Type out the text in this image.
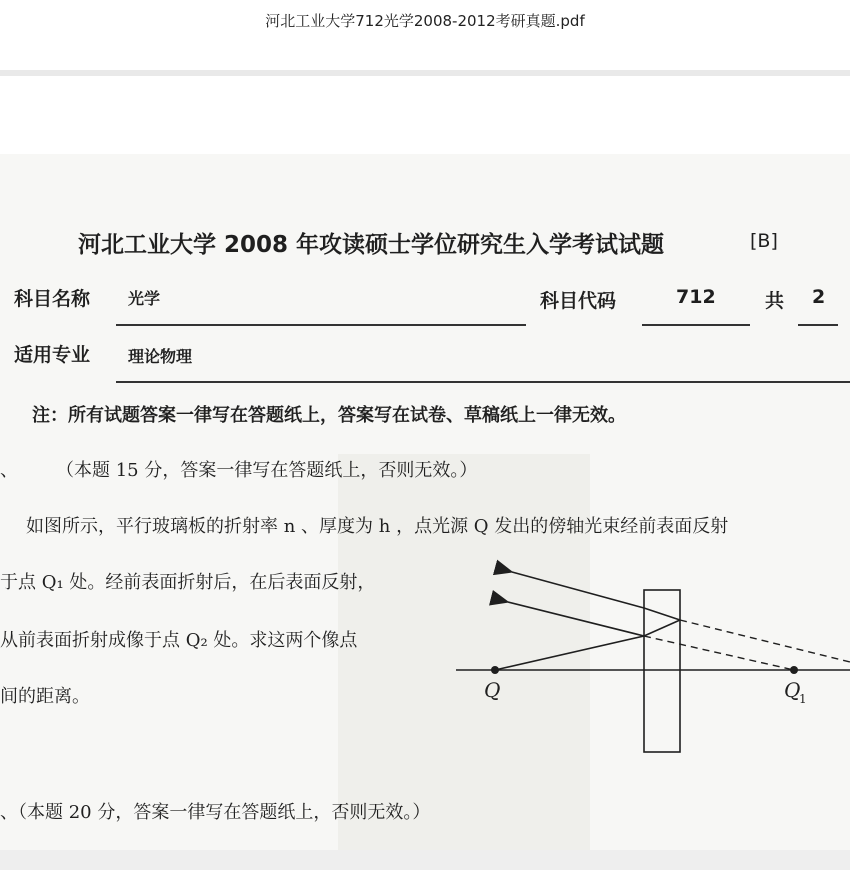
河北工业大学712光学2008-2012考研真题.pdf
河北工业大学 2008 年攻读硕士学位研究生入学考试试题	[B]
科目名称 光学	科目代码	712	共 2
适用专业 理论物理
注：所有试题答案一律写在答题纸上，答案写在试卷、草稿纸上一律无效。
、 （本题 15 分，答案一律写在答题纸上，否则无效。）
如图所示，平行玻璃板的折射率 n 、厚度为 h ，点光源 Q 发出的傍轴光束经前表面反射
于点 Q₁ 处。经前表面折射后，在后表面反射，
从前表面折射成像于点 Q₂ 处。求这两个像点
间的距离。	Q	Q
1
、（本题 20 分，答案一律写在答题纸上，否则无效。）
